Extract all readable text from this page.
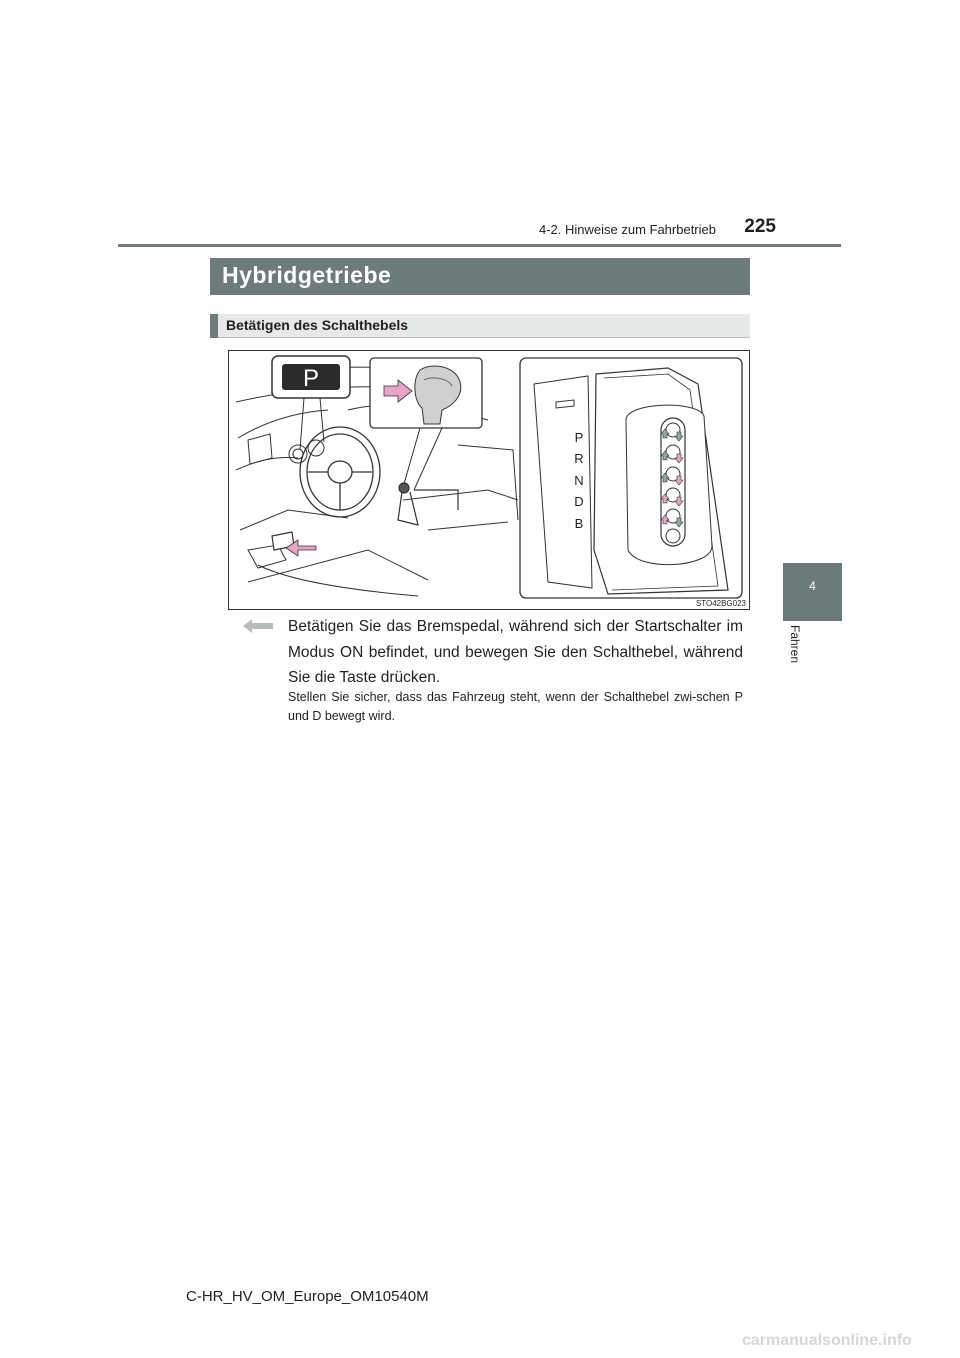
225
4-2. Hinweise zum Fahrbetrieb
Hybridgetriebe
Betätigen des Schalthebels
P
P
R
N
D
B
STO42BG023
4
Fahren
Betätigen Sie das Bremspedal, während sich der Startschalter im Modus ON befindet, und bewegen Sie den Schalthebel, während Sie die Taste drücken.
Stellen Sie sicher, dass das Fahrzeug steht, wenn der Schalthebel zwi-schen P und D bewegt wird.
C-HR_HV_OM_Europe_OM10540M
carmanualsonline.info
